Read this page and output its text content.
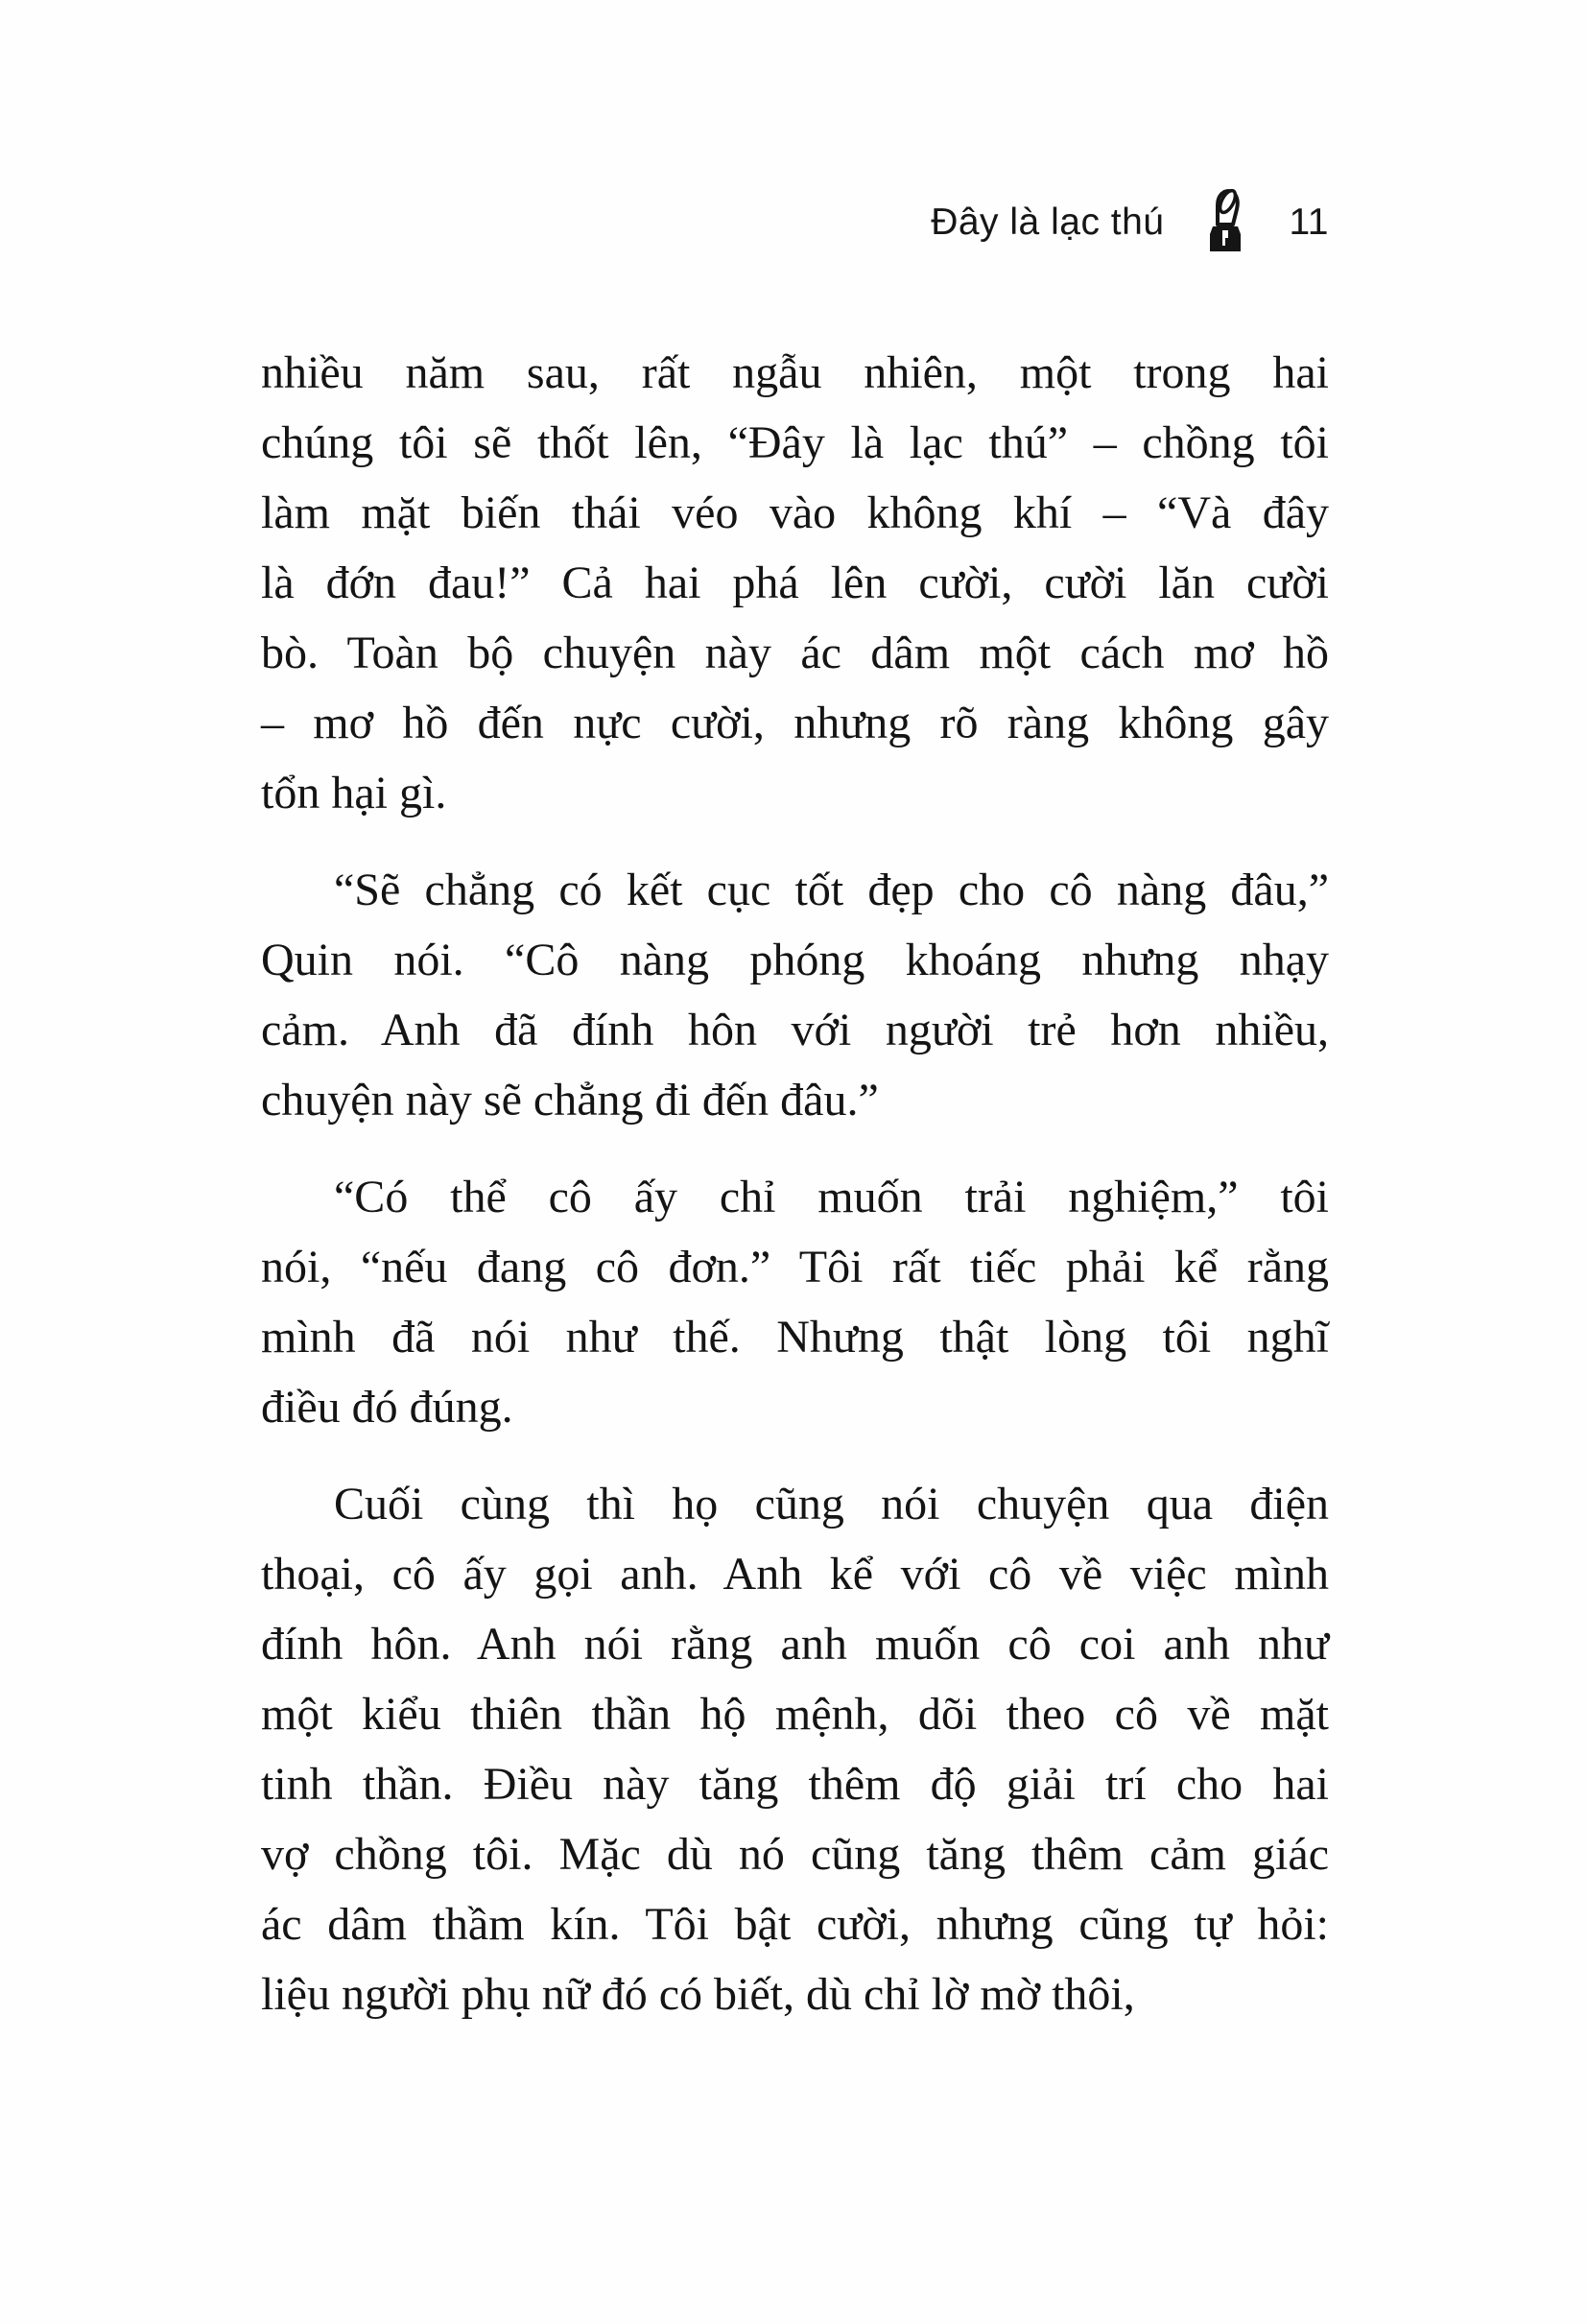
Đây là lạc thú	11
nhiều năm sau, rất ngẫu nhiên, một trong hai
chúng tôi sẽ thốt lên, “Đây là lạc thú” – chồng tôi
làm mặt biến thái véo vào không khí – “Và đây
là đớn đau!” Cả hai phá lên cười, cười lăn cười
bò. Toàn bộ chuyện này ác dâm một cách mơ hồ
– mơ hồ đến nực cười, nhưng rõ ràng không gây
tổn hại gì.
“Sẽ chẳng có kết cục tốt đẹp cho cô nàng đâu,”
Quin nói. “Cô nàng phóng khoáng nhưng nhạy
cảm. Anh đã đính hôn với người trẻ hơn nhiều,
chuyện này sẽ chẳng đi đến đâu.”
“Có thể cô ấy chỉ muốn trải nghiệm,” tôi
nói, “nếu đang cô đơn.” Tôi rất tiếc phải kể rằng
mình đã nói như thế. Nhưng thật lòng tôi nghĩ
điều đó đúng.
Cuối cùng thì họ cũng nói chuyện qua điện
thoại, cô ấy gọi anh. Anh kể với cô về việc mình
đính hôn. Anh nói rằng anh muốn cô coi anh như
một kiểu thiên thần hộ mệnh, dõi theo cô về mặt
tinh thần. Điều này tăng thêm độ giải trí cho hai
vợ chồng tôi. Mặc dù nó cũng tăng thêm cảm giác
ác dâm thầm kín. Tôi bật cười, nhưng cũng tự hỏi:
liệu người phụ nữ đó có biết, dù chỉ lờ mờ thôi,
